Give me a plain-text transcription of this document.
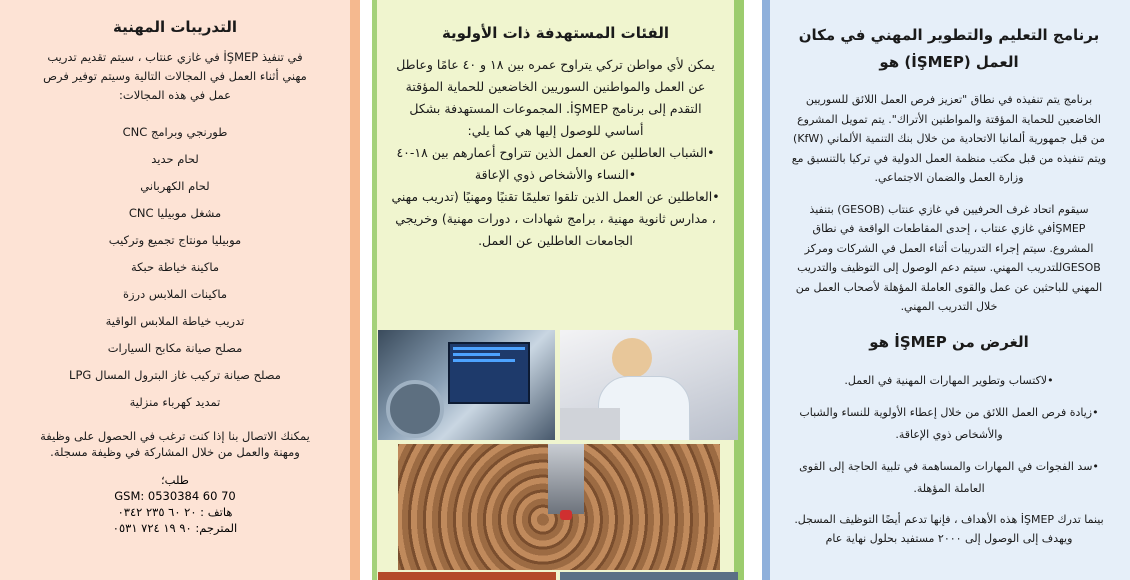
التدريبات المهنية

في تنفيذ İŞMEP في غازي عنتاب ، سيتم تقديم تدريب مهني أثناء العمل في المجالات التالية وسيتم توفير فرص عمل في هذه المجالات:

طورنجي وبرامج CNC
لحام حديد
لحام الكهرباني
مشغل موبيليا CNC
موبيليا مونتاج تجميع وتركيب
ماكينة خياطة حبكة
ماكينات الملابس درزة
تدريب خياطة الملابس الواقية
مصلح صيانة مكابح السيارات
مصلح صيانة تركيب غاز البترول المسال LPG
تمديد كهرباء منزلية

يمكنك الاتصال بنا إذا كنت ترغب في الحصول على وظيفة ومهنة والعمل من خلال المشاركة في وظيفة مسجلة.

طلب؛
GSM: 0530384 60 70
هاتف : ٢٠ ٦٠ ٢٣٥ ٠٣٤٢
المترجم: ٩٠ ١٩ ٧٢٤ ٠٥٣١
الفئات المستهدفة ذات الأولوية

يمكن لأي مواطن تركي يتراوح عمره بين ١٨ و ٤٠ عامًا وعاطل عن العمل والمواطنين السوريين الخاضعين للحماية المؤقتة التقدم إلى برنامج İŞMEP. المجموعات المستهدفة بشكل أساسي للوصول إليها هي كما يلي:

•الشباب العاطلين عن العمل الذين تتراوح أعمارهم بين ١٨-٤٠

•النساء والأشخاص ذوي الإعاقة

•العاطلين عن العمل الذين تلقوا تعليمًا تقنيًا ومهنيًا (تدريب مهني ، مدارس ثانوية مهنية ، برامج شهادات ، دورات مهنية) وخريجي الجامعات العاطلين عن العمل.

برنامج التعليم والتطوير المهني في مكان العمل (İŞMEP) هو

برنامج يتم تنفيذه في نطاق "تعزيز فرص العمل اللائق للسوريين الخاضعين للحماية المؤقتة والمواطنين الأتراك". يتم تمويل المشروع من قبل جمهورية ألمانيا الاتحادية من خلال بنك التنمية الألماني (KfW) ويتم تنفيذه من قبل مكتب منظمة العمل الدولية في تركيا بالتنسيق مع وزارة العمل والضمان الاجتماعي.

سيقوم اتحاد غرف الحرفيين في غازي عنتاب (GESOB) بتنفيذ İŞMEPفي غازي عنتاب ، إحدى المقاطعات الواقعة في نطاق المشروع. سيتم إجراء التدريبات أثناء العمل في الشركات ومركز GESOBللتدريب المهني. سيتم دعم الوصول إلى التوظيف والتدريب المهني للباحثين عن عمل والقوى العاملة المؤهلة لأصحاب العمل من خلال التدريب المهني.

الغرض من İŞMEP هو

•لاكتساب وتطوير المهارات المهنية في العمل.

•زيادة فرص العمل اللائق من خلال إعطاء الأولوية للنساء والشباب والأشخاص ذوي الإعاقة.

•سد الفجوات في المهارات والمساهمة في تلبية الحاجة إلى القوى العاملة المؤهلة.

بينما تدرك İŞMEP هذه الأهداف ، فإنها تدعم أيضًا التوظيف المسجل. ويهدف إلى الوصول إلى ٢٠٠٠ مستفيد بحلول نهاية عام
